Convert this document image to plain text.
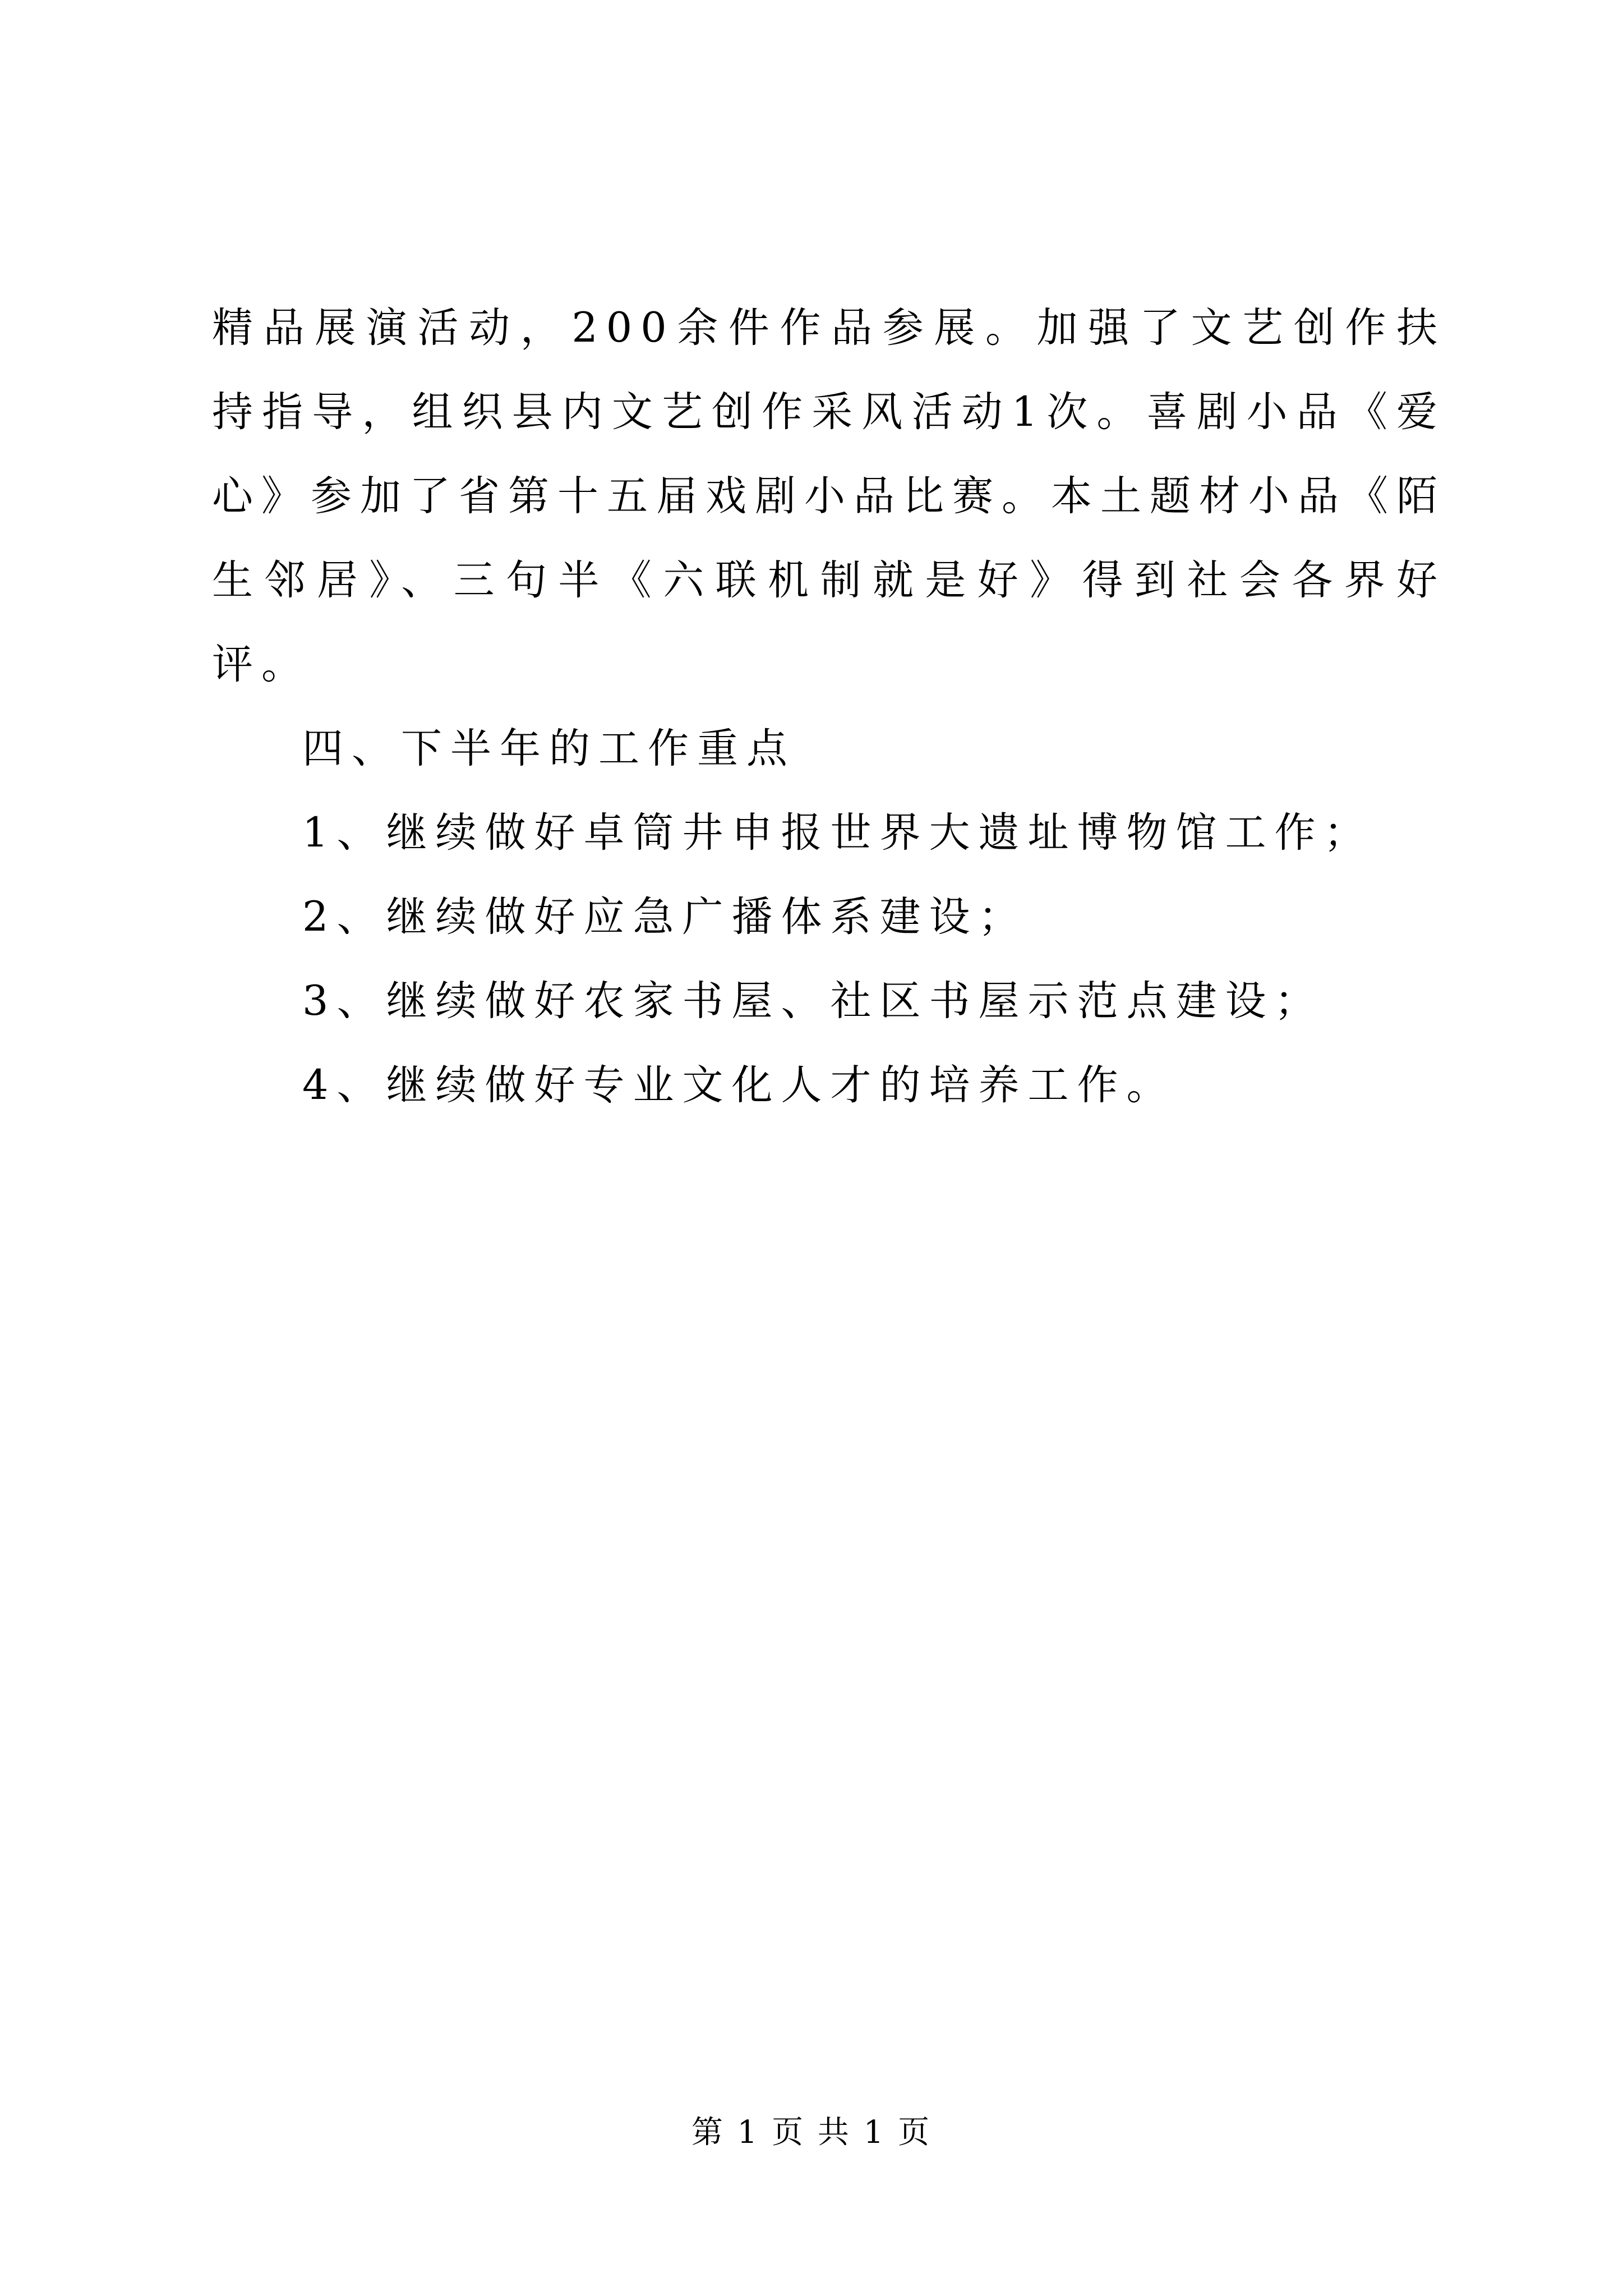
精品展演活动，200余件作品参展。加强了文艺创作扶持指导，组织县内文艺创作采风活动1次。喜剧小品《爱心》参加了省第十五届戏剧小品比赛。本土题材小品《陌生邻居》、三句半《六联机制就是好》得到社会各界好评。

四、下半年的工作重点

1、继续做好卓筒井申报世界大遗址博物馆工作；

2、继续做好应急广播体系建设；

3、继续做好农家书屋、社区书屋示范点建设；

4、继续做好专业文化人才的培养工作。

第 1 页 共 1 页
